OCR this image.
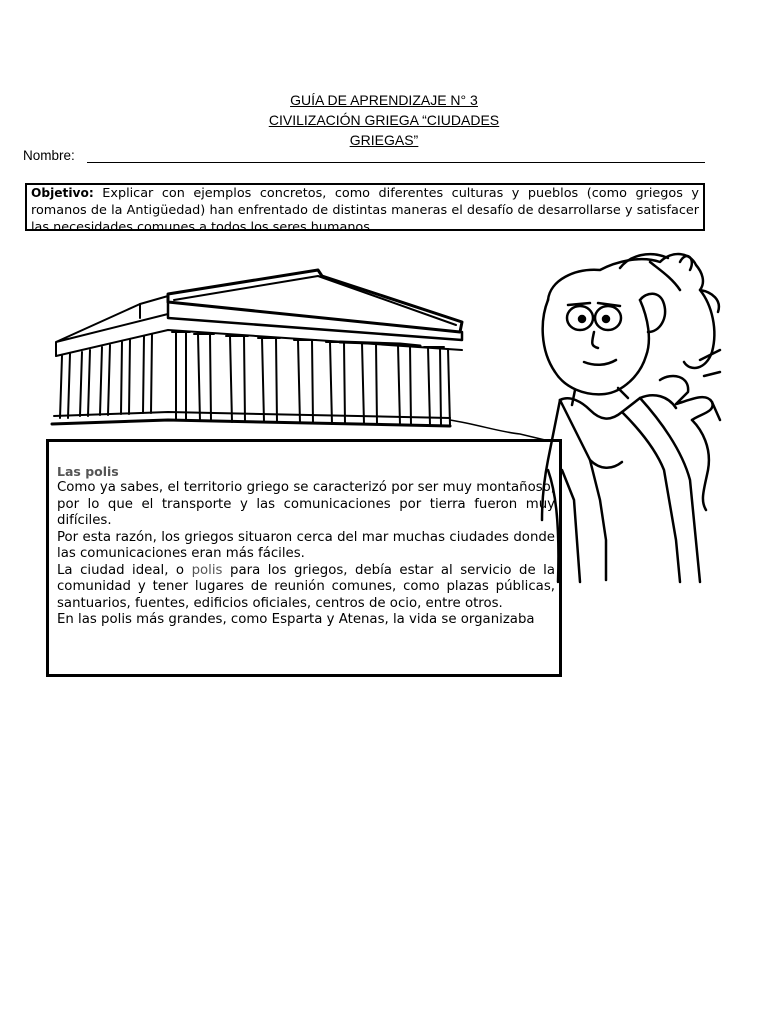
GUÍA DE APRENDIZAJE N° 3
CIVILIZACIÓN GRIEGA “CIUDADES
GRIEGAS”
Nombre:
Objetivo: Explicar con ejemplos concretos, como diferentes culturas y pueblos (como griegos y romanos de la Antigüedad) han enfrentado de distintas maneras el desafío de desarrollarse y satisfacer las necesidades comunes a todos los seres humanos.
Las polis

Como ya sabes, el territorio griego se caracterizó por ser muy montañoso, por lo que el transporte y las comunicaciones por tierra fueron muy difíciles.

Por esta razón, los griegos situaron cerca del mar muchas ciudades donde las comunicaciones eran más fáciles.

La ciudad ideal, o polis para los griegos, debía estar al servicio de la comunidad y tener lugares de reunión comunes, como plazas públicas, santuarios, fuentes, edificios oficiales, centros de ocio, entre otros.

En las polis más grandes, como Esparta y Atenas, la vida se organizaba
